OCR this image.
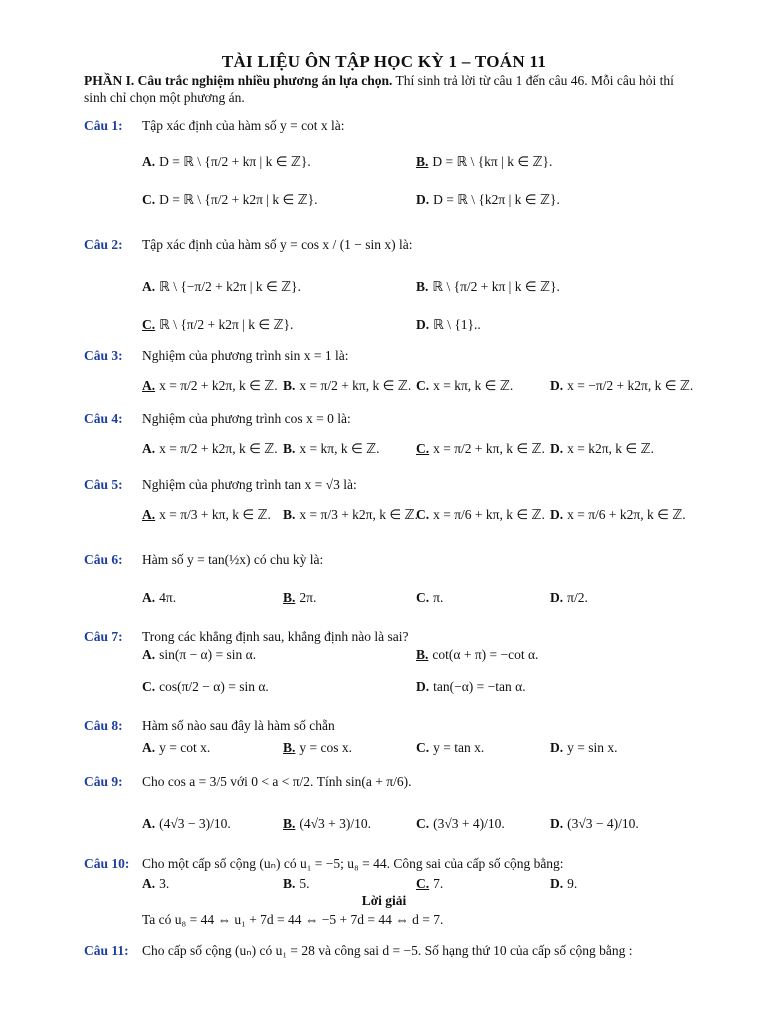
TÀI LIỆU ÔN TẬP HỌC KỲ 1 – TOÁN 11
PHẦN I. Câu trắc nghiệm nhiều phương án lựa chọn. Thí sinh trả lời từ câu 1 đến câu 46. Mỗi câu hỏi thí sinh chỉ chọn một phương án.
Câu 1: Tập xác định của hàm số y = cot x là:
A. D = ℝ \ {π/2 + kπ | k ∈ ℤ}.	B. D = ℝ \ {kπ | k ∈ ℤ}.
C. D = ℝ \ {π/2 + k2π | k ∈ ℤ}.	D. D = ℝ \ {k2π | k ∈ ℤ}.
Câu 2: Tập xác định của hàm số y = cos x / (1 − sin x) là:
A. ℝ \ {−π/2 + k2π | k ∈ ℤ}.	B. ℝ \ {π/2 + kπ | k ∈ ℤ}.
C. ℝ \ {π/2 + k2π | k ∈ ℤ}.	D. ℝ \ {1}..
Câu 3: Nghiệm của phương trình sin x = 1 là:
A. x = π/2 + k2π, k ∈ ℤ. B. x = π/2 + kπ, k ∈ ℤ. C. x = kπ, k ∈ ℤ.	D. x = −π/2 + k2π, k ∈ ℤ.
Câu 4: Nghiệm của phương trình cos x = 0 là:
A. x = π/2 + k2π, k ∈ ℤ. B. x = kπ, k ∈ ℤ.	C. x = π/2 + kπ, k ∈ ℤ. D. x = k2π, k ∈ ℤ.
Câu 5: Nghiệm của phương trình tan x = √3 là:
A. x = π/3 + kπ, k ∈ ℤ. B. x = π/3 + k2π, k ∈ ℤ.
C. x = π/6 + kπ, k ∈ ℤ. D. x = π/6 + k2π, k ∈ ℤ.
Câu 6: Hàm số y = tan(½x) có chu kỳ là:
A. 4π.	B. 2π.	C. π.	D. π/2.
Câu 7: Trong các khẳng định sau, khẳng định nào là sai?
A. sin(π − α) = sin α.	B. cot(α + π) = −cot α.
C. cos(π/2 − α) = sin α.	D. tan(−α) = −tan α.
Câu 8: Hàm số nào sau đây là hàm số chẵn
A. y = cot x.	B. y = cos x.	C. y = tan x.	D. y = sin x.
Câu 9: Cho cos a = 3/5 với 0 < a < π/2. Tính sin(a + π/6).
A. (4√3 − 3)/10.	B. (4√3 + 3)/10.	C. (3√3 + 4)/10.	D. (3√3 − 4)/10.
Câu 10: Cho một cấp số cộng (uₙ) có u₁ = −5; u₈ = 44. Công sai của cấp số cộng bằng:
A. 3.	B. 5.	C. 7.	D. 9.
Câu 11: Cho cấp số cộng (uₙ) có u₁ = 28 và công sai d = −5. Số hạng thứ 10 của cấp số cộng bằng :
Lời giải
Ta có u₈ = 44 ⇔ u₁ + 7d = 44 ⇔ −5 + 7d = 44 ⇔ d = 7.
